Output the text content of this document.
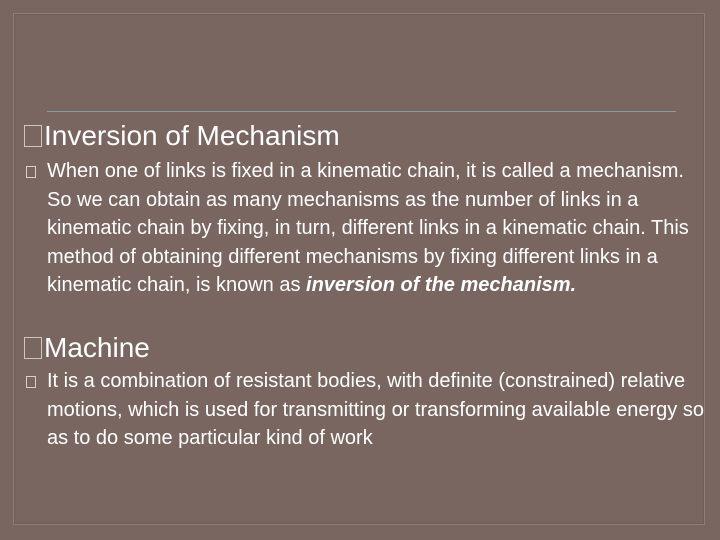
Inversion of Mechanism
When one of links is fixed in a kinematic chain, it is called a mechanism. So we can obtain as many mechanisms as the number of links in a kinematic chain by fixing, in turn, different links in a kinematic chain. This method of obtaining different mechanisms by fixing different links in a kinematic chain, is known as inversion of the mechanism.
Machine
It is a combination of resistant bodies, with definite (constrained) relative motions, which is used for transmitting or transforming available energy so as to do some particular kind of work
